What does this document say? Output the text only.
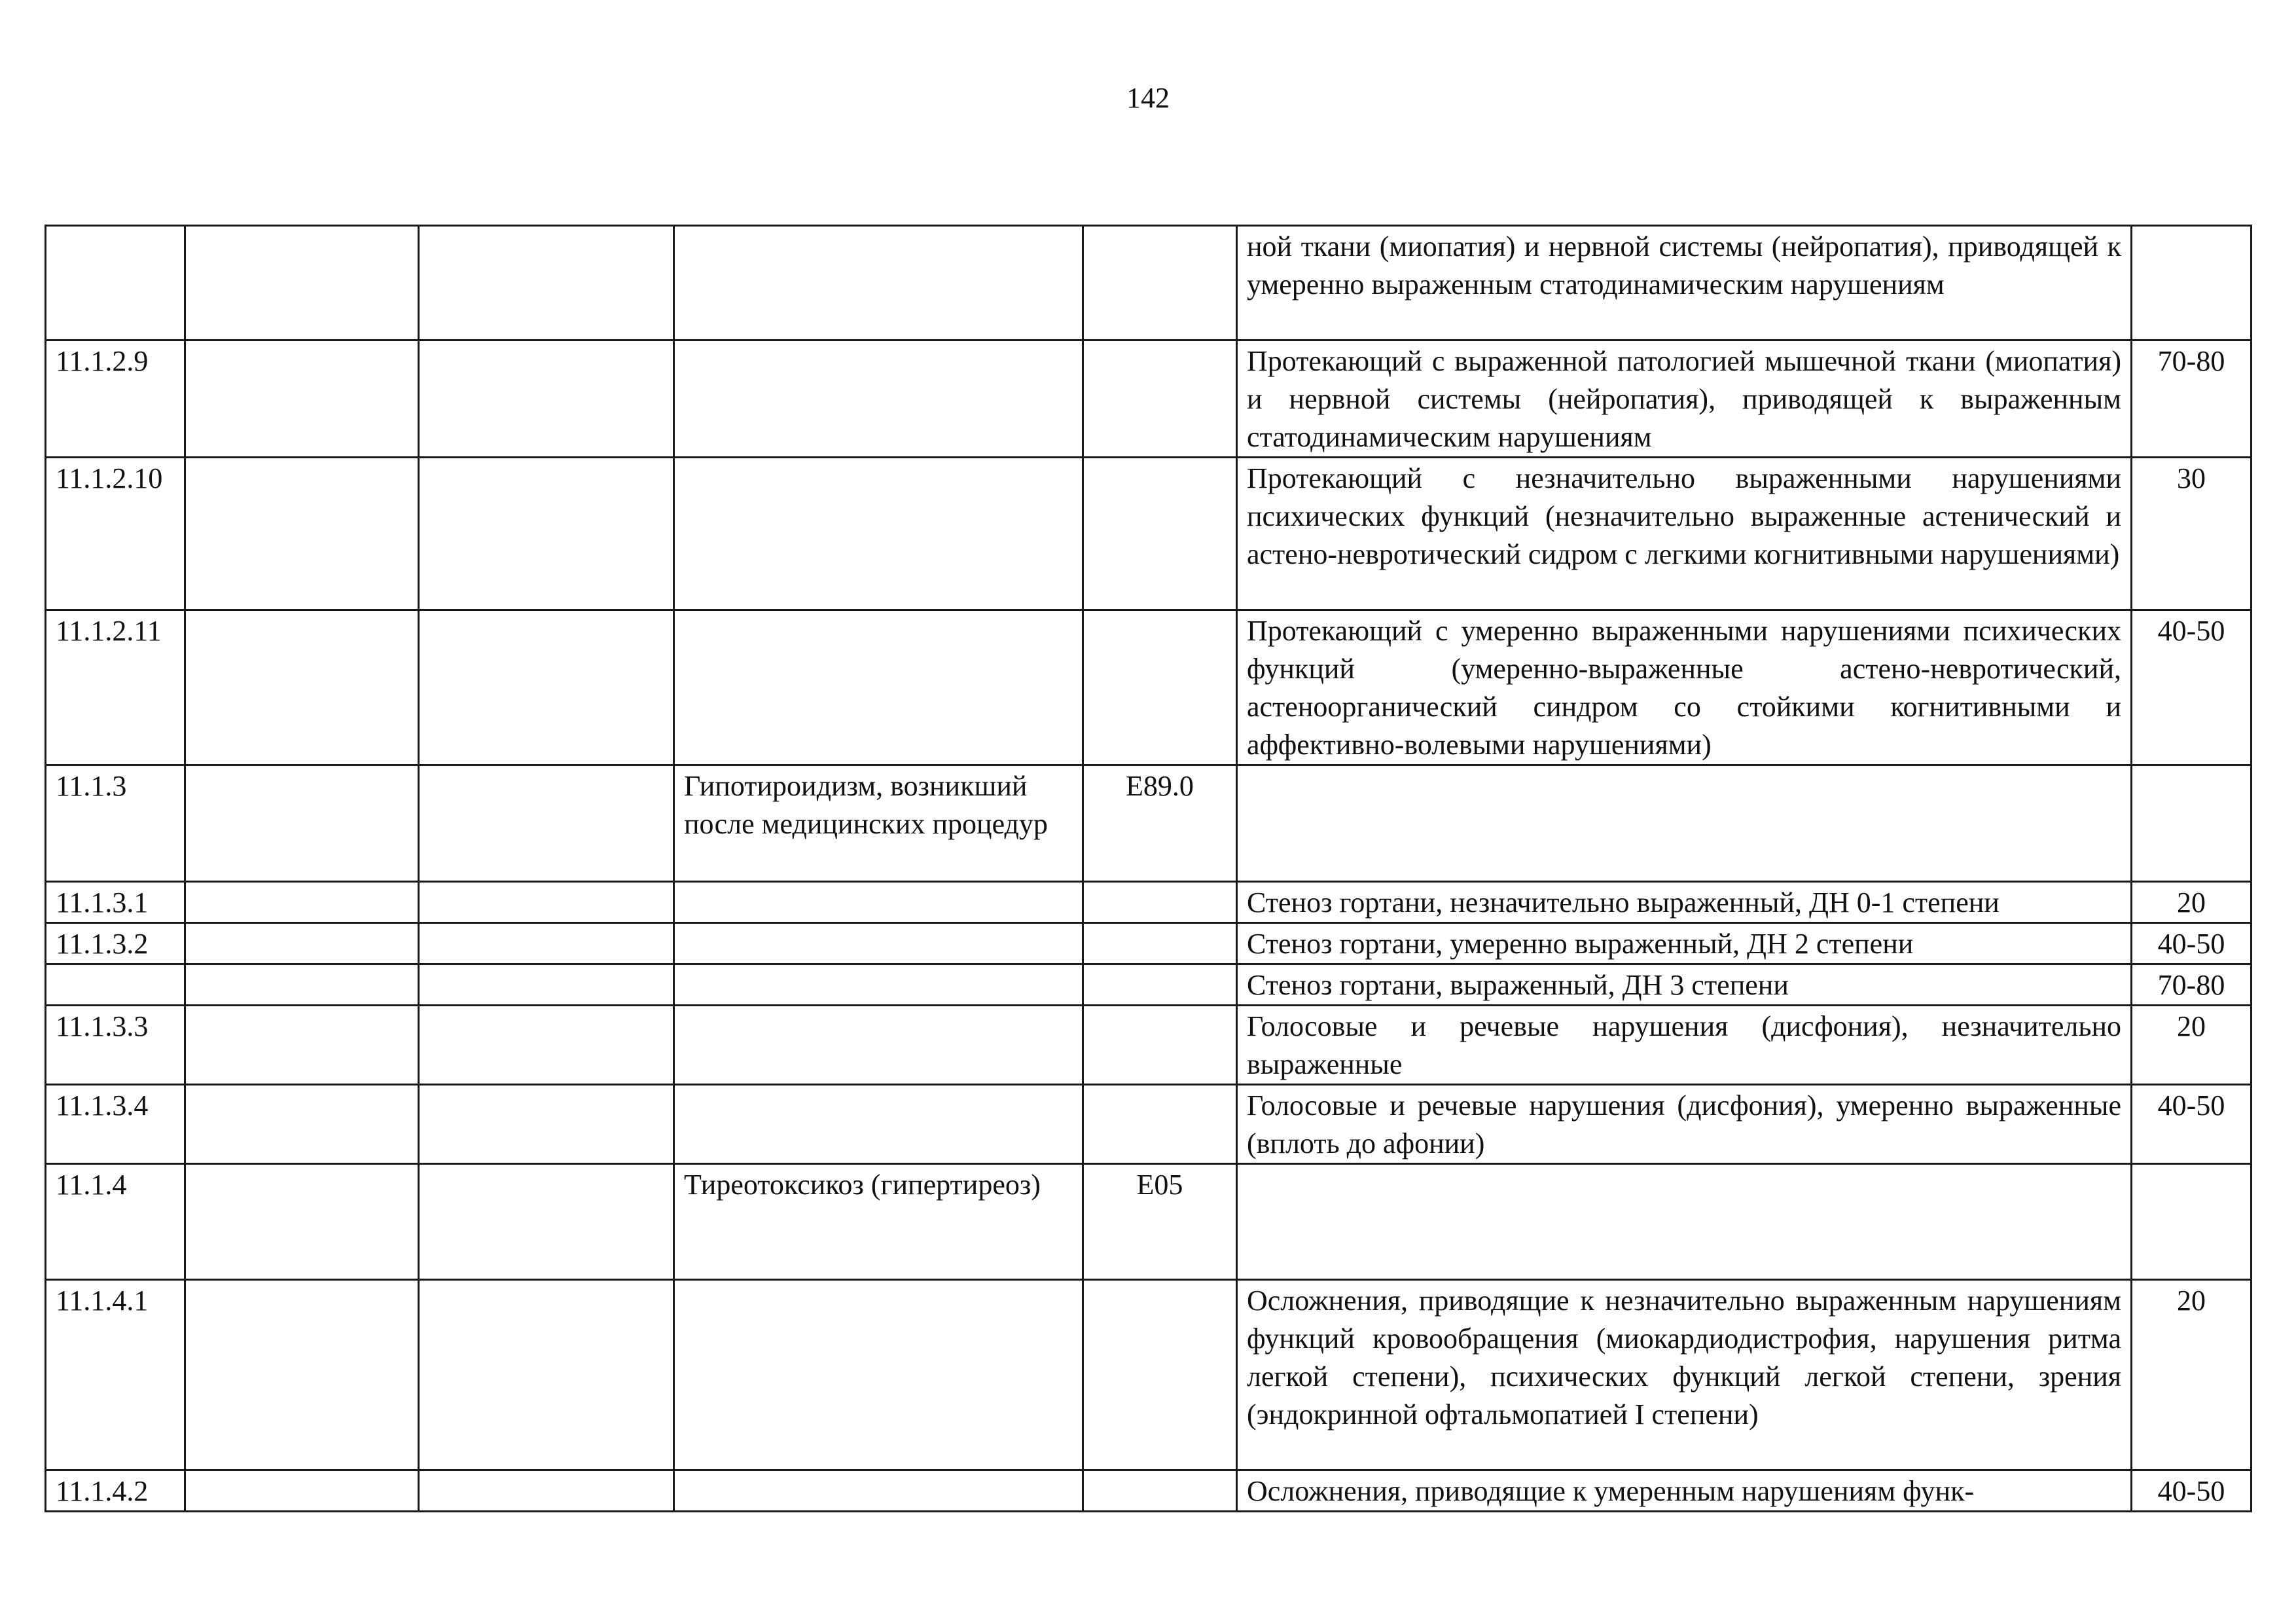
142
					ной ткани (миопатия) и нервной системы (нейропатия), приводящей к умеренно выраженным статодинамическим нарушениям	
11.1.2.9					Протекающий с выраженной патологией мышечной ткани (миопатия) и нервной системы (нейропатия), приводящей к выраженным статодинамическим нарушениям	70-80
11.1.2.10					Протекающий с незначительно выраженными нарушениями психических функций (незначительно выраженные астенический и астено-невротический сидром с легкими когнитивными нарушениями)	30
11.1.2.11					Протекающий с умеренно выраженными нарушениями психических функций (умеренно-выраженные астено-невротический, астеноорганический синдром со стойкими когнитивными и аффективно-волевыми нарушениями)	40-50
11.1.3			Гипотироидизм, возникший после медицинских процедур	E89.0		
11.1.3.1					Стеноз гортани, незначительно выраженный, ДН 0-1 степени	20
11.1.3.2					Стеноз гортани, умеренно выраженный, ДН 2 степени	40-50
					Стеноз гортани, выраженный, ДН 3 степени	70-80
11.1.3.3					Голосовые и речевые нарушения (дисфония), незначительно выраженные	20
11.1.3.4					Голосовые и речевые нарушения (дисфония), умеренно выраженные (вплоть до афонии)	40-50
11.1.4			Тиреотоксикоз (гипертиреоз)	E05		
11.1.4.1					Осложнения, приводящие к незначительно выраженным нарушениям функций кровообращения (миокардиодистрофия, нарушения ритма легкой степени), психических функций легкой степени, зрения (эндокринной офтальмопатией I степени)	20
11.1.4.2					Осложнения, приводящие к умеренным нарушениям функ-	40-50
